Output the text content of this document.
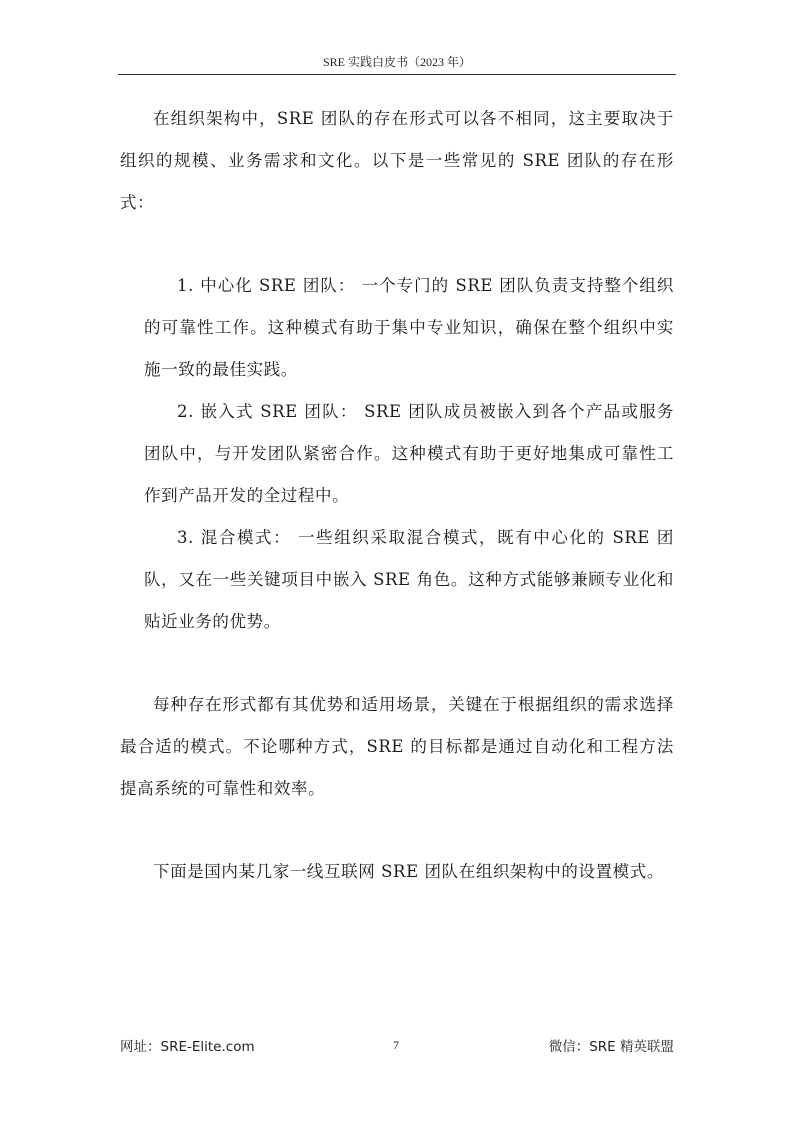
SRE 实践白皮书（2023 年）

在组织架构中，SRE 团队的存在形式可以各不相同，这主要取决于组织的规模、业务需求和文化。以下是一些常见的 SRE 团队的存在形式：

1. 中心化 SRE 团队： 一个专门的 SRE 团队负责支持整个组织的可靠性工作。这种模式有助于集中专业知识，确保在整个组织中实施一致的最佳实践。

2. 嵌入式 SRE 团队： SRE 团队成员被嵌入到各个产品或服务团队中，与开发团队紧密合作。这种模式有助于更好地集成可靠性工作到产品开发的全过程中。

3. 混合模式： 一些组织采取混合模式，既有中心化的 SRE 团队，又在一些关键项目中嵌入 SRE 角色。这种方式能够兼顾专业化和贴近业务的优势。

每种存在形式都有其优势和适用场景，关键在于根据组织的需求选择最合适的模式。不论哪种方式，SRE 的目标都是通过自动化和工程方法提高系统的可靠性和效率。

下面是国内某几家一线互联网 SRE 团队在组织架构中的设置模式。

网址：SRE-Elite.com	7	微信：SRE 精英联盟
